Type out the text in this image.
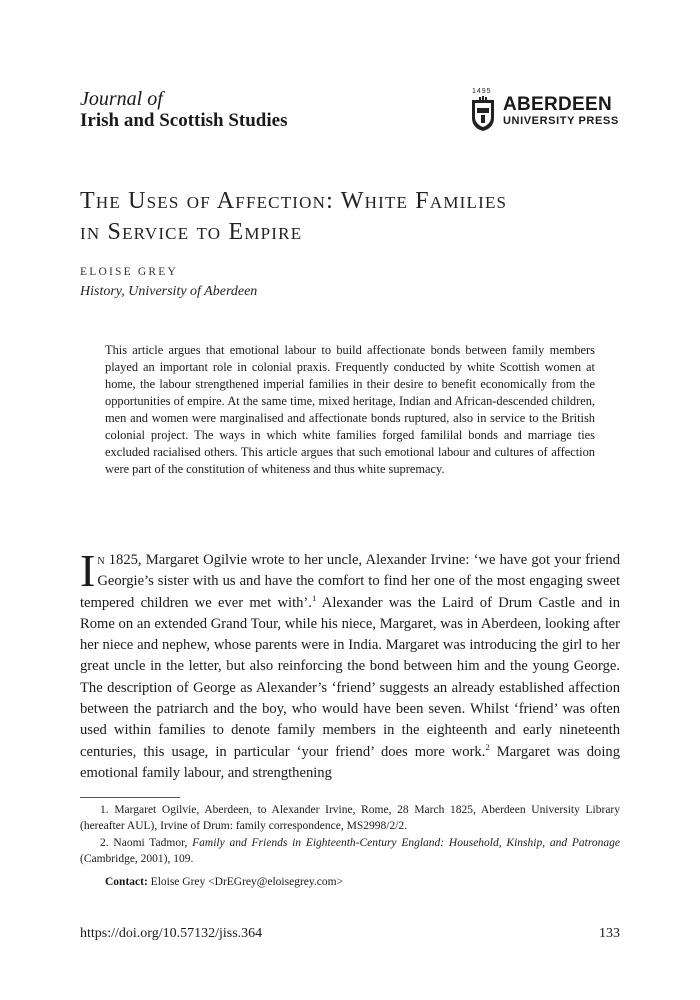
Journal of
Irish and Scottish Studies
1495
ABERDEEN
UNIVERSITY PRESS
The Uses of Affection: White Families
in Service to Empire
ELOISE GREY
History, University of Aberdeen

This article argues that emotional labour to build affectionate bonds between family members played an important role in colonial praxis. Frequently conducted by white Scottish women at home, the labour strengthened imperial families in their desire to benefit economically from the opportunities of empire. At the same time, mixed heritage, Indian and African-descended children, men and women were marginalised and affectionate bonds ruptured, also in service to the British colonial project. The ways in which white families forged famililal bonds and marriage ties excluded racialised others. This article argues that such emotional labour and cultures of affection were part of the constitution of whiteness and thus white supremacy.

In 1825, Margaret Ogilvie wrote to her uncle, Alexander Irvine: ‘we have got your friend Georgie’s sister with us and have the comfort to find her one of the most engaging sweet tempered children we ever met with’.$^1$ Alexander was the Laird of Drum Castle and in Rome on an extended Grand Tour, while his niece, Margaret, was in Aberdeen, looking after her niece and nephew, whose parents were in India. Margaret was introducing the girl to her great uncle in the letter, but also reinforcing the bond between him and the young George. The description of George as Alexander’s ‘friend’ suggests an already established affection between the patriarch and the boy, who would have been seven. Whilst ‘friend’ was often used within families to denote family members in the eighteenth and early nineteenth centuries, this usage, in particular ‘your friend’ does more work.$^2$ Margaret was doing emotional family labour, and strengthening

1. Margaret Ogilvie, Aberdeen, to Alexander Irvine, Rome, 28 March 1825, Aberdeen University Library (hereafter AUL), Irvine of Drum: family correspondence, MS2998/2/2.

2. Naomi Tadmor, Family and Friends in Eighteenth-Century England: Household, Kinship, and Patronage (Cambridge, 2001), 109.

Contact: Eloise Grey <DrEGrey@eloisegrey.com>
https://doi.org/10.57132/jiss.364	133
